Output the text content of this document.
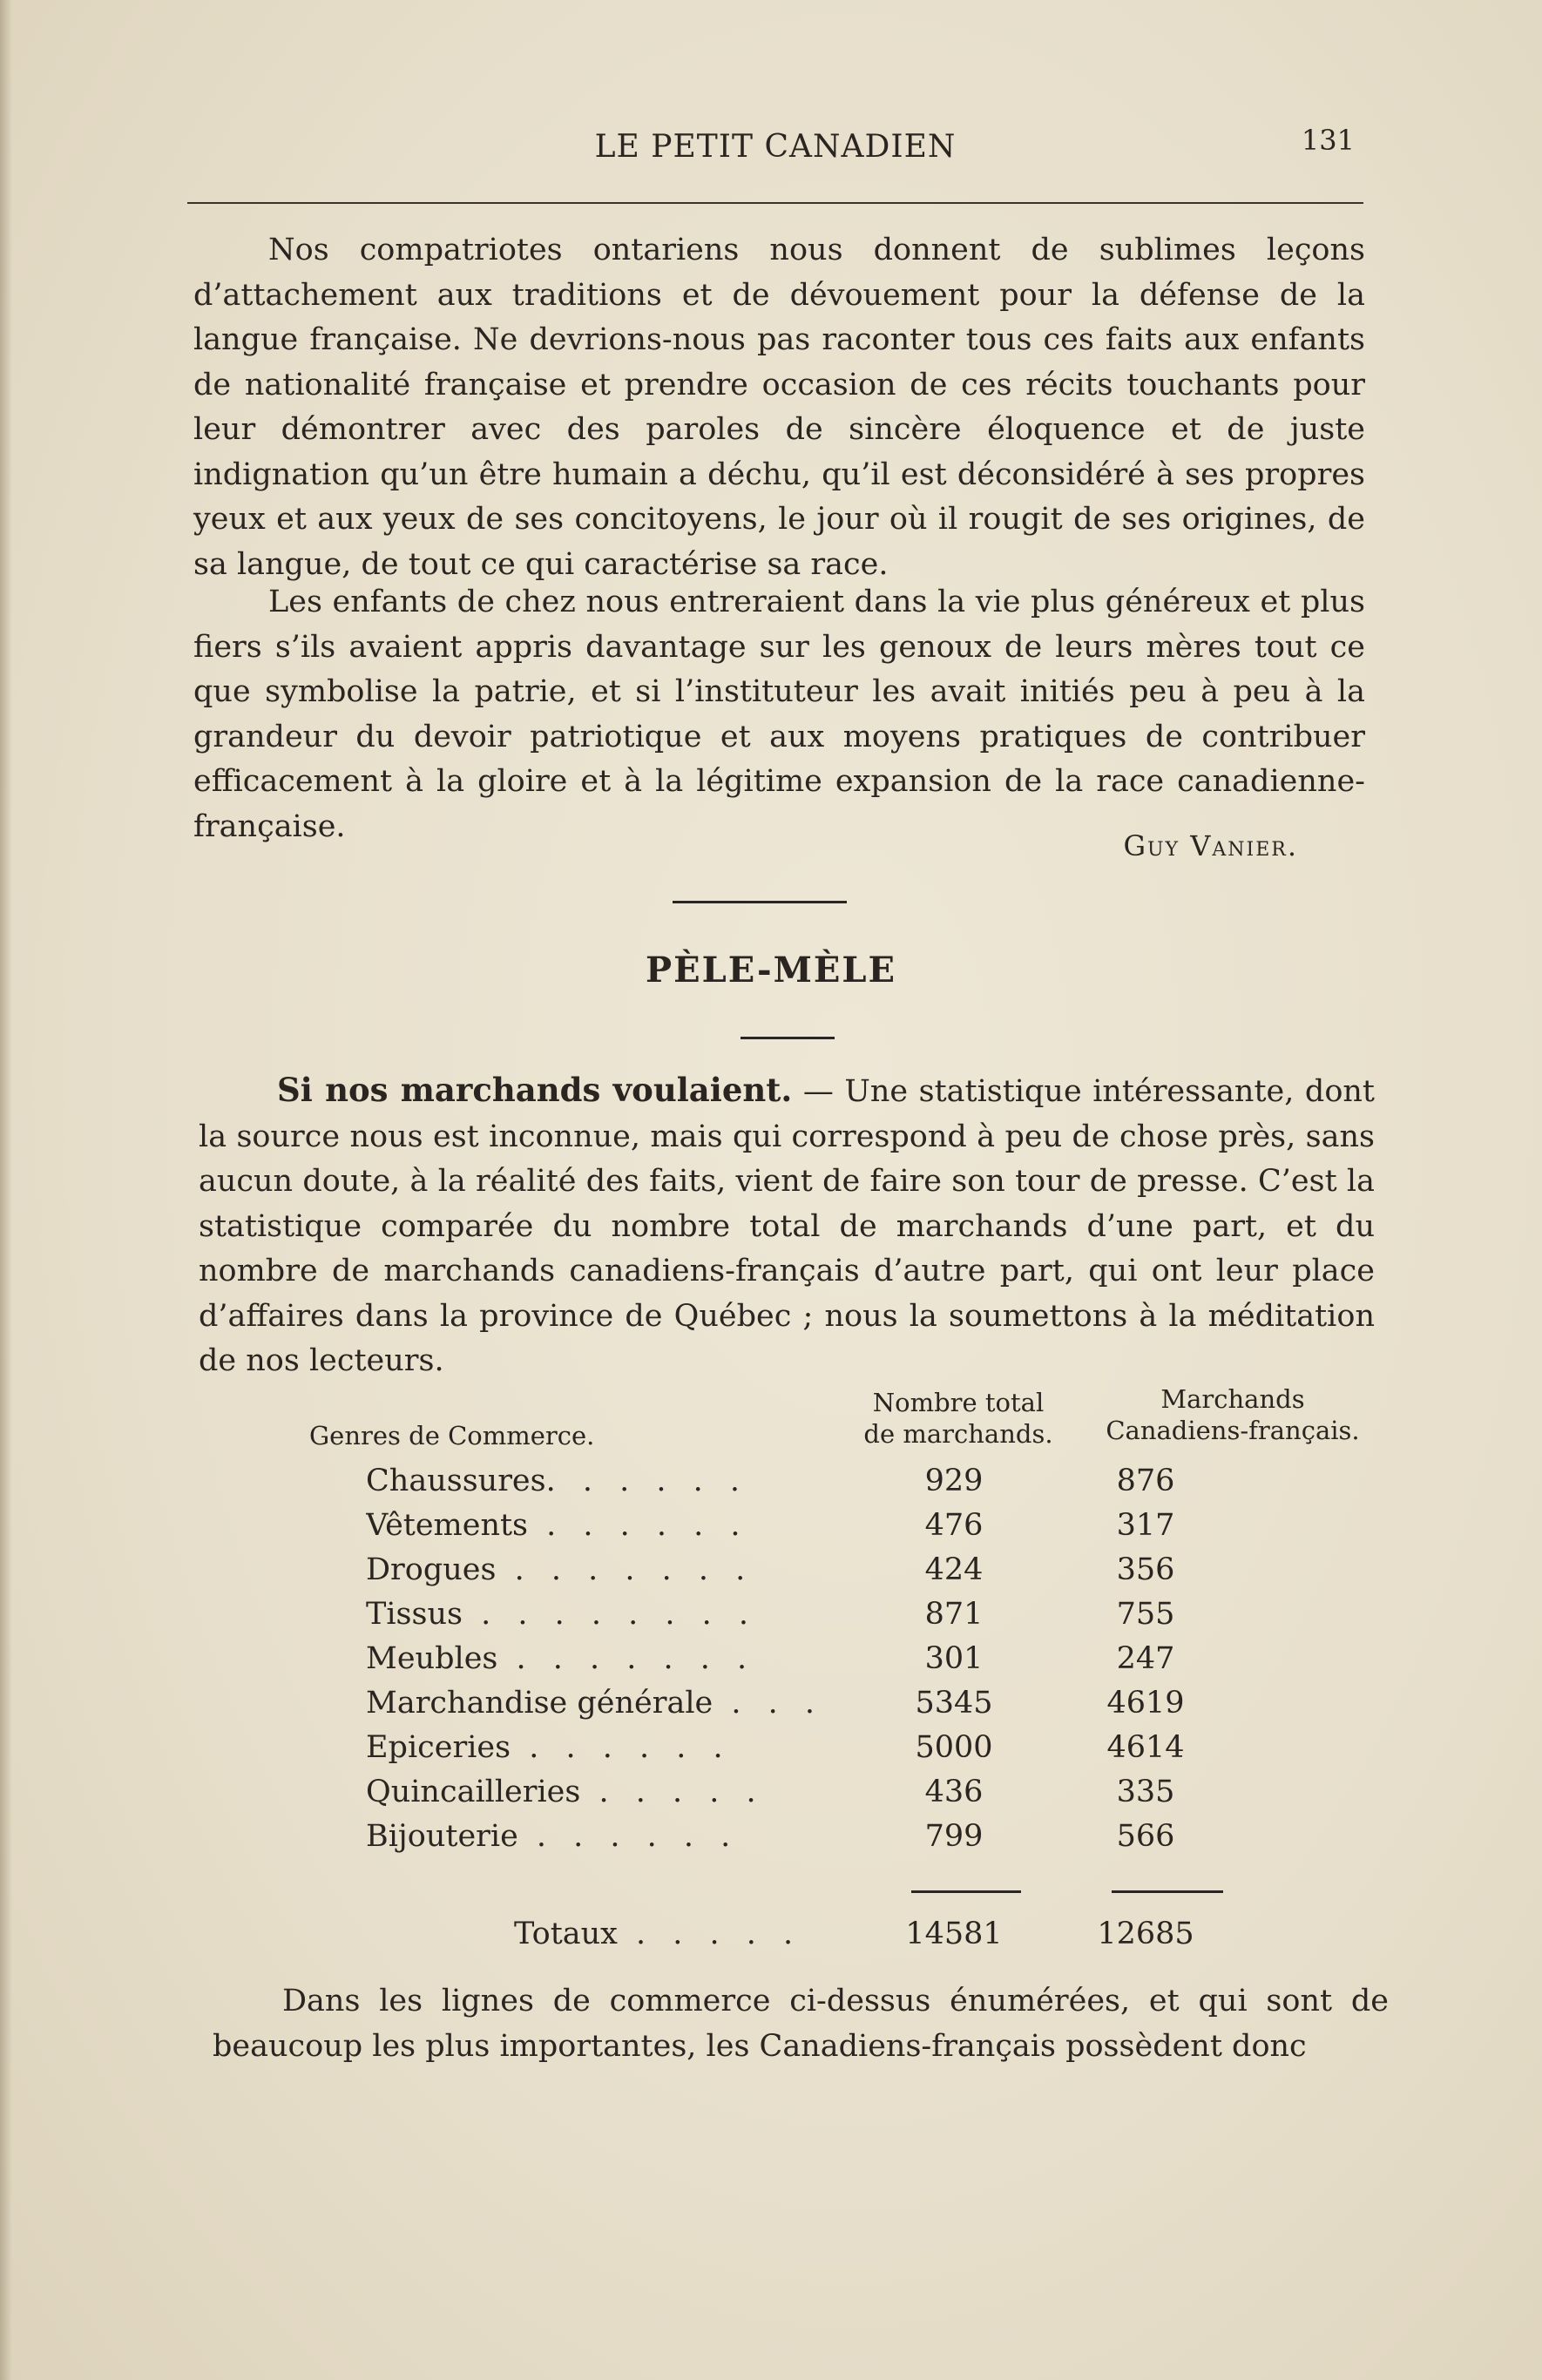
LE PETIT CANADIEN	131

Nos compatriotes ontariens nous donnent de sublimes leçons d’attachement aux traditions et de dévouement pour la défense de la langue française. Ne devrions-nous pas raconter tous ces faits aux enfants de nationalité française et prendre occasion de ces récits touchants pour leur démontrer avec des paroles de sincère éloquence et de juste indignation qu’un être humain a déchu, qu’il est déconsidéré à ses propres yeux et aux yeux de ses concitoyens, le jour où il rougit de ses origines, de sa langue, de tout ce qui caractérise sa race.

Les enfants de chez nous entreraient dans la vie plus généreux et plus fiers s’ils avaient appris davantage sur les genoux de leurs mères tout ce que symbolise la patrie, et si l’instituteur les avait initiés peu à peu à la grandeur du devoir patriotique et aux moyens pratiques de contribuer efficacement à la gloire et à la légitime expansion de la race canadienne-française.

Guy Vanier.
PÈLE-MÈLE

Si nos marchands voulaient. — Une statistique intéressante, dont la source nous est inconnue, mais qui correspond à peu de chose près, sans aucun doute, à la réalité des faits, vient de faire son tour de presse. C’est la statistique comparée du nombre total de marchands d’une part, et du nombre de marchands canadiens-français d’autre part, qui ont leur place d’affaires dans la province de Québec ; nous la soumettons à la méditation de nos lecteurs.

Genres de Commerce.
Nombre total
de marchands.
Marchands
Canadiens-français.
Chaussures. . . . . .	929	876
Vêtements . . . . . .	476	317
Drogues . . . . . . .	424	356
Tissus . . . . . . . .	871	755
Meubles . . . . . . .	301	247
Marchandise générale . . .	5345	4619
Epiceries . . . . . .	5000	4614
Quincailleries . . . . .	436	335
Bijouterie . . . . . .	799	566
Totaux . . . . .	14581	12685

Dans les lignes de commerce ci-dessus énumérées, et qui sont de beaucoup les plus importantes, les Canadiens-français possèdent donc
